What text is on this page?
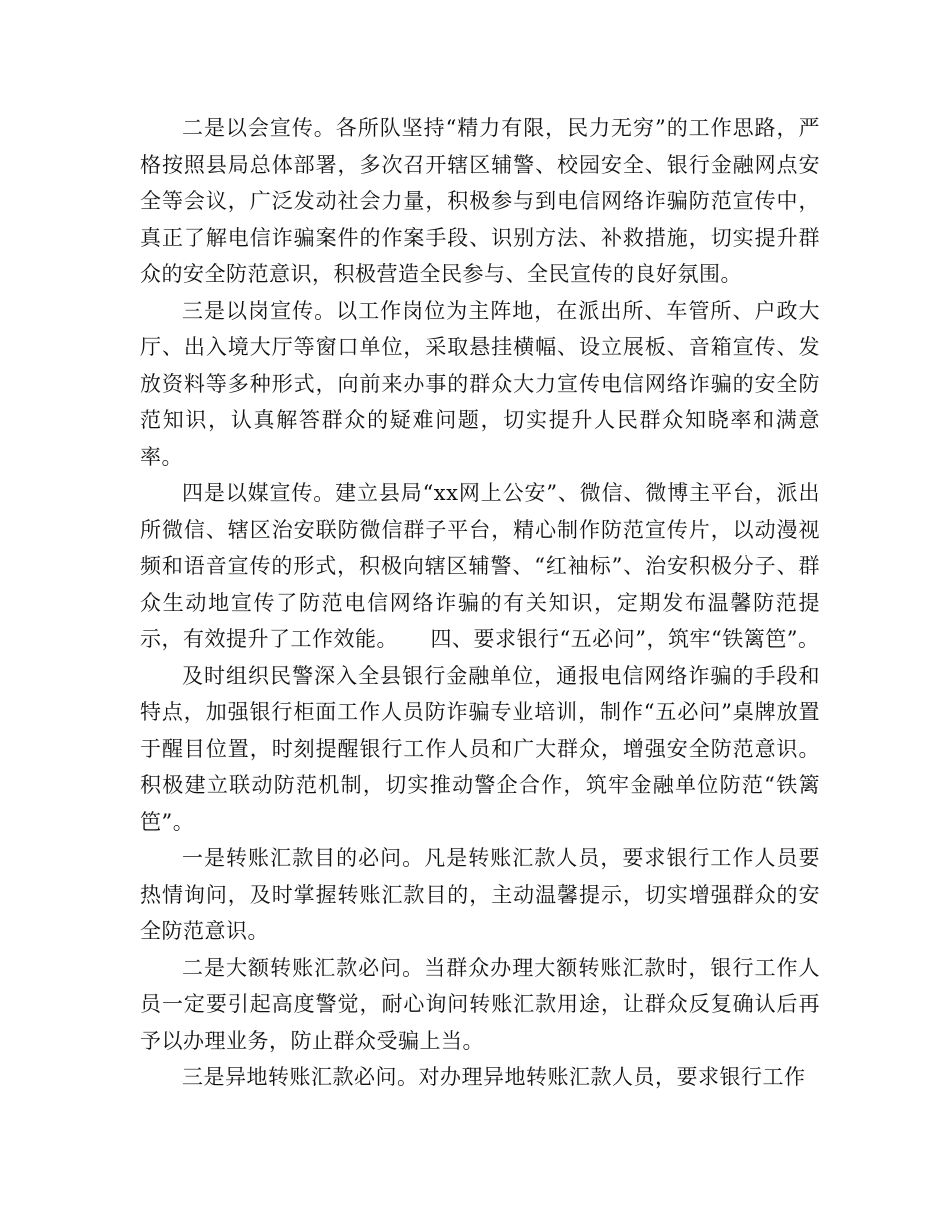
二是以会宣传。各所队坚持“精力有限，民力无穷”的工作思路，严格按照县局总体部署，多次召开辖区辅警、校园安全、银行金融网点安全等会议，广泛发动社会力量，积极参与到电信网络诈骗防范宣传中，真正了解电信诈骗案件的作案手段、识别方法、补救措施，切实提升群众的安全防范意识，积极营造全民参与、全民宣传的良好氛围。

三是以岗宣传。以工作岗位为主阵地，在派出所、车管所、户政大厅、出入境大厅等窗口单位，采取悬挂横幅、设立展板、音箱宣传、发放资料等多种形式，向前来办事的群众大力宣传电信网络诈骗的安全防范知识，认真解答群众的疑难问题，切实提升人民群众知晓率和满意率。

四是以媒宣传。建立县局“xx网上公安”、微信、微博主平台，派出所微信、辖区治安联防微信群子平台，精心制作防范宣传片，以动漫视频和语音宣传的形式，积极向辖区辅警、“红袖标”、治安积极分子、群众生动地宣传了防范电信网络诈骗的有关知识，定期发布温馨防范提示，有效提升了工作效能。　　四、要求银行“五必问”，筑牢“铁篱笆”。

及时组织民警深入全县银行金融单位，通报电信网络诈骗的手段和特点，加强银行柜面工作人员防诈骗专业培训，制作“五必问”桌牌放置于醒目位置，时刻提醒银行工作人员和广大群众，增强安全防范意识。积极建立联动防范机制，切实推动警企合作，筑牢金融单位防范“铁篱笆”。

一是转账汇款目的必问。凡是转账汇款人员，要求银行工作人员要热情询问，及时掌握转账汇款目的，主动温馨提示，切实增强群众的安全防范意识。

二是大额转账汇款必问。当群众办理大额转账汇款时，银行工作人员一定要引起高度警觉，耐心询问转账汇款用途，让群众反复确认后再予以办理业务，防止群众受骗上当。

三是异地转账汇款必问。对办理异地转账汇款人员，要求银行工作
